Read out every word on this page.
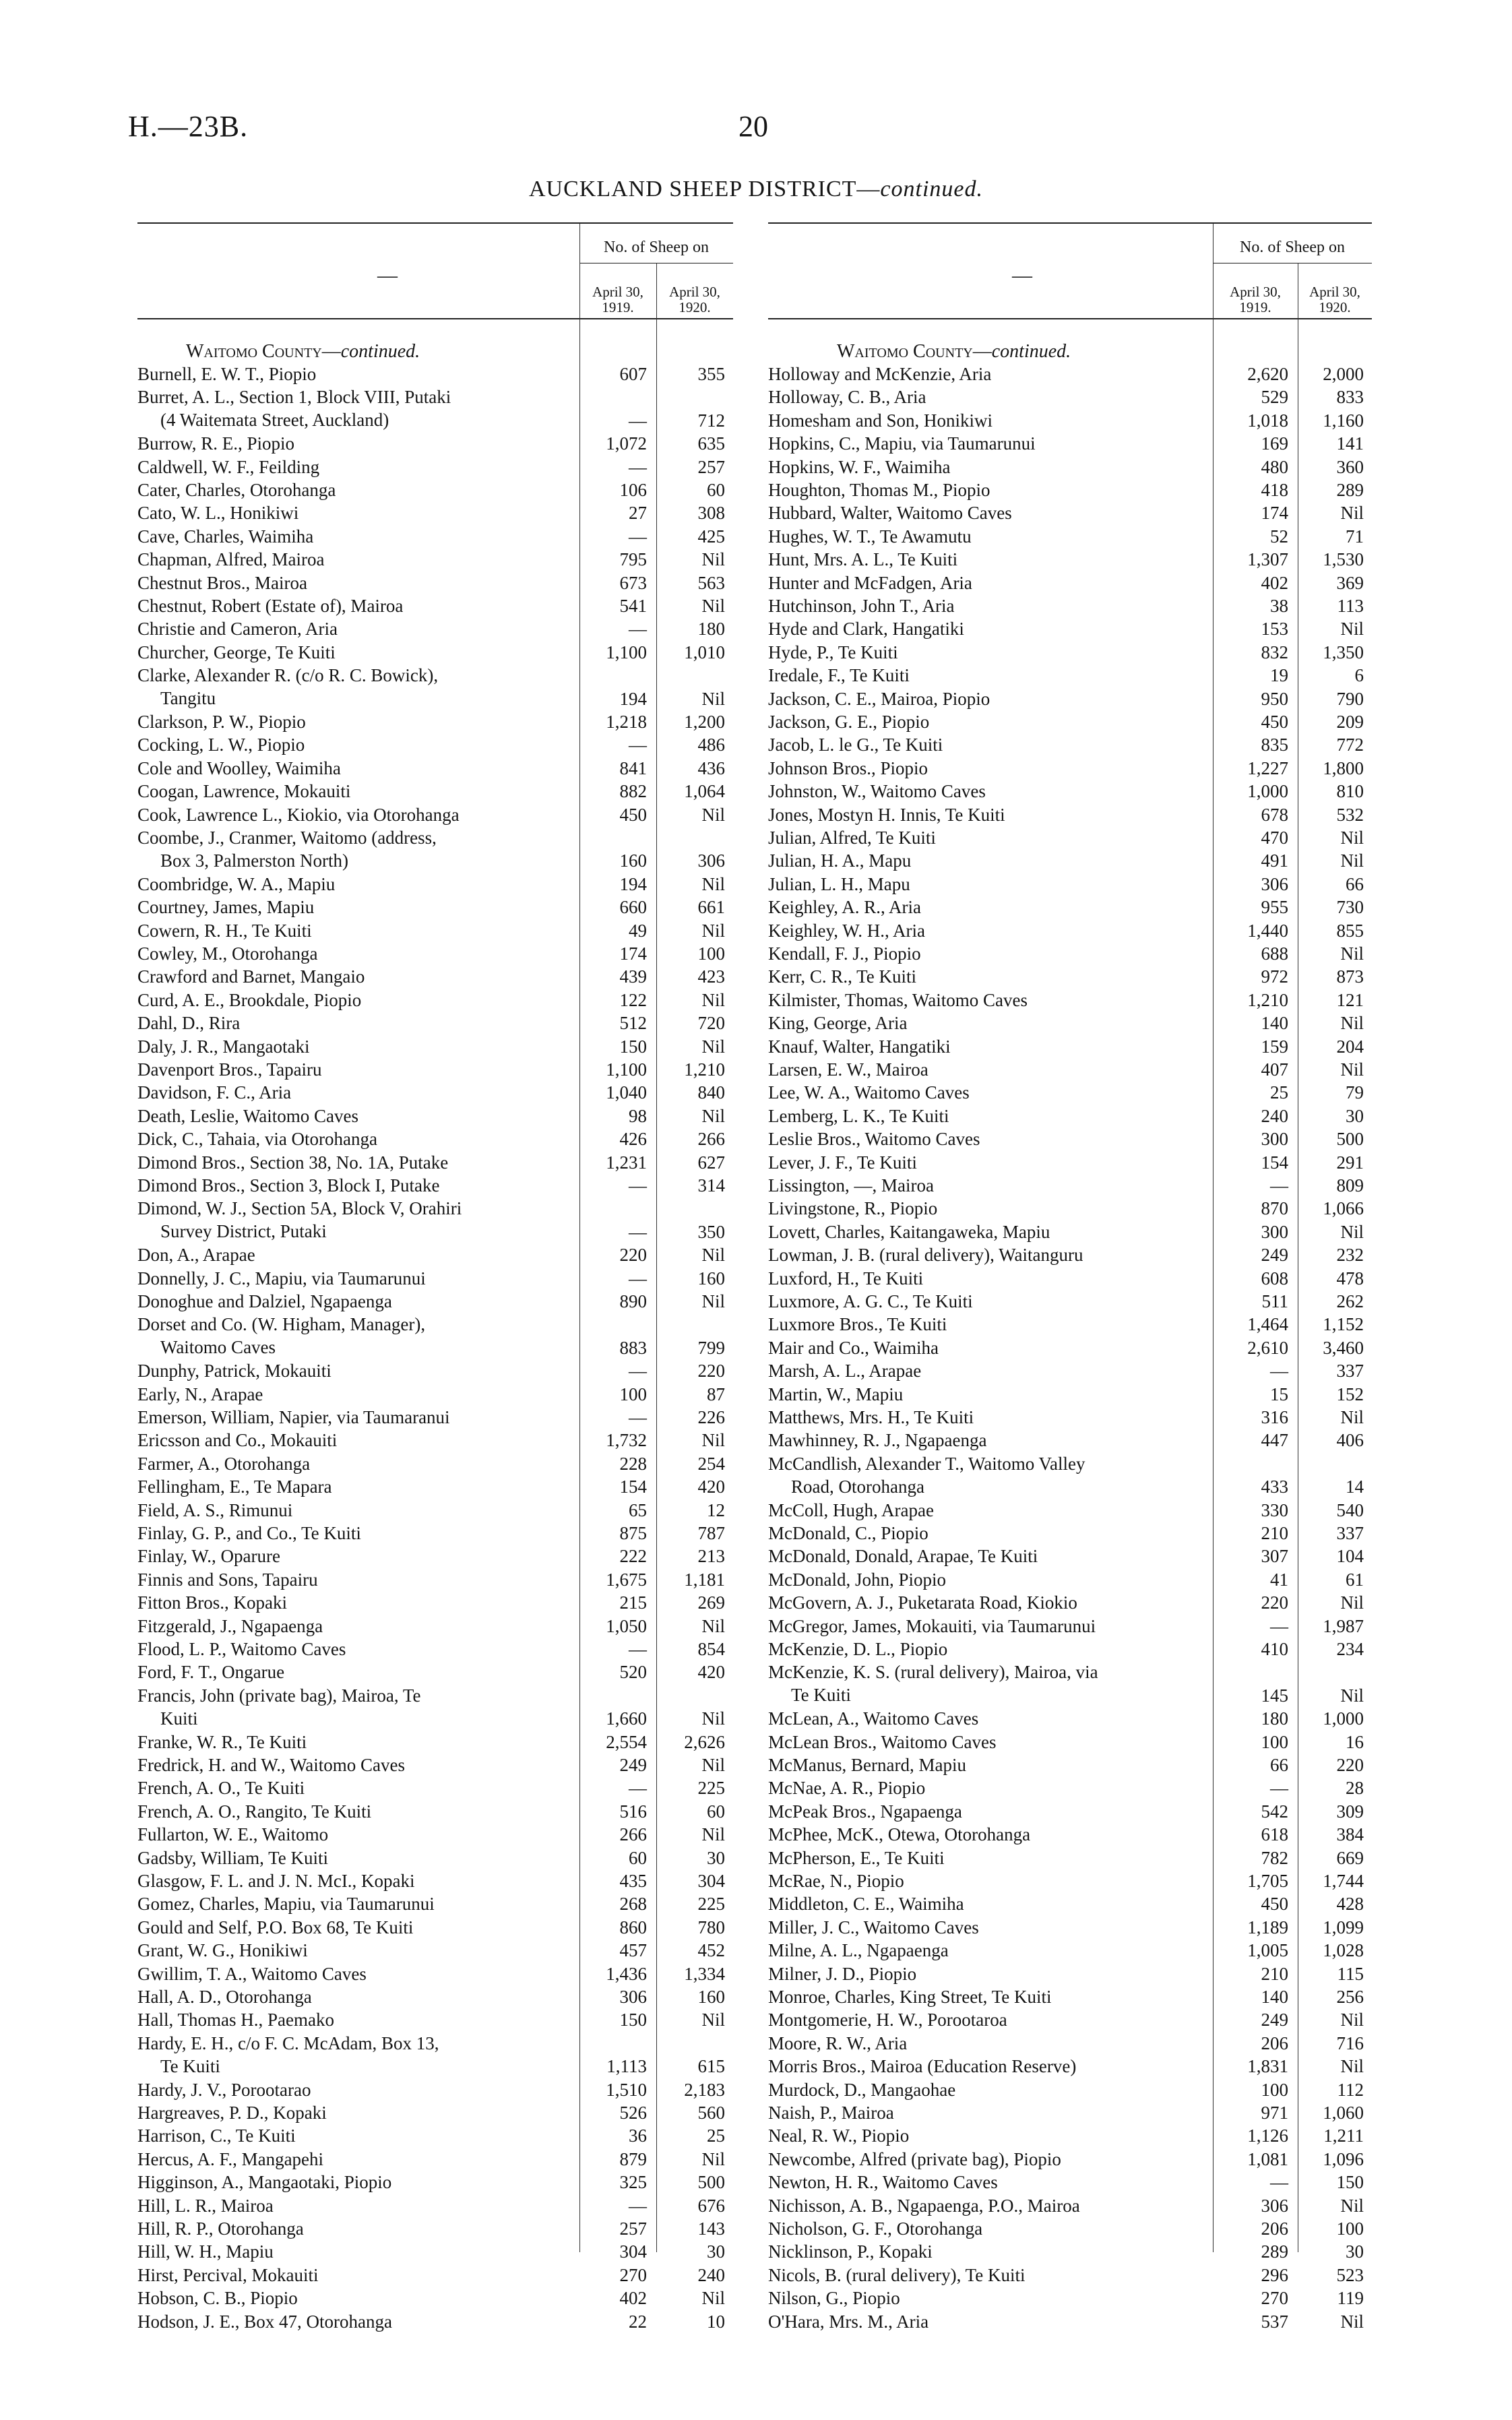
H.—23B.	20
AUCKLAND SHEEP DISTRICT—continued.
—
No. of Sheep on
April 30, 1919.
April 30, 1920.
Waitomo County—continued.
Burnell, E. W. T., Piopio	607	355
Burret, A. L., Section 1, Block VIII, Putaki
(4 Waitemata Street, Auckland)	—	712
Burrow, R. E., Piopio	1,072	635
Caldwell, W. F., Feilding	—	257
Cater, Charles, Otorohanga	106	60
Cato, W. L., Honikiwi	27	308
Cave, Charles, Waimiha	—	425
Chapman, Alfred, Mairoa	795	Nil
Chestnut Bros., Mairoa	673	563
Chestnut, Robert (Estate of), Mairoa	541	Nil
Christie and Cameron, Aria	—	180
Churcher, George, Te Kuiti	1,100	1,010
Clarke, Alexander R. (c/o R. C. Bowick),
Tangitu	194	Nil
Clarkson, P. W., Piopio	1,218	1,200
Cocking, L. W., Piopio	—	486
Cole and Woolley, Waimiha	841	436
Coogan, Lawrence, Mokauiti	882	1,064
Cook, Lawrence L., Kiokio, via Otorohanga	450	Nil
Coombe, J., Cranmer, Waitomo (address,
Box 3, Palmerston North)	160	306
Coombridge, W. A., Mapiu	194	Nil
Courtney, James, Mapiu	660	661
Cowern, R. H., Te Kuiti	49	Nil
Cowley, M., Otorohanga	174	100
Crawford and Barnet, Mangaio	439	423
Curd, A. E., Brookdale, Piopio	122	Nil
Dahl, D., Rira	512	720
Daly, J. R., Mangaotaki	150	Nil
Davenport Bros., Tapairu	1,100	1,210
Davidson, F. C., Aria	1,040	840
Death, Leslie, Waitomo Caves	98	Nil
Dick, C., Tahaia, via Otorohanga	426	266
Dimond Bros., Section 38, No. 1A, Putake	1,231	627
Dimond Bros., Section 3, Block I, Putake	—	314
Dimond, W. J., Section 5A, Block V, Orahiri
Survey District, Putaki	—	350
Don, A., Arapae	220	Nil
Donnelly, J. C., Mapiu, via Taumarunui	—	160
Donoghue and Dalziel, Ngapaenga	890	Nil
Dorset and Co. (W. Higham, Manager),
Waitomo Caves	883	799
Dunphy, Patrick, Mokauiti	—	220
Early, N., Arapae	100	87
Emerson, William, Napier, via Taumaranui	—	226
Ericsson and Co., Mokauiti	1,732	Nil
Farmer, A., Otorohanga	228	254
Fellingham, E., Te Mapara	154	420
Field, A. S., Rimunui	65	12
Finlay, G. P., and Co., Te Kuiti	875	787
Finlay, W., Oparure	222	213
Finnis and Sons, Tapairu	1,675	1,181
Fitton Bros., Kopaki	215	269
Fitzgerald, J., Ngapaenga	1,050	Nil
Flood, L. P., Waitomo Caves	—	854
Ford, F. T., Ongarue	520	420
Francis, John (private bag), Mairoa, Te
Kuiti	1,660	Nil
Franke, W. R., Te Kuiti	2,554	2,626
Fredrick, H. and W., Waitomo Caves	249	Nil
French, A. O., Te Kuiti	—	225
French, A. O., Rangito, Te Kuiti	516	60
Fullarton, W. E., Waitomo	266	Nil
Gadsby, William, Te Kuiti	60	30
Glasgow, F. L. and J. N. McI., Kopaki	435	304
Gomez, Charles, Mapiu, via Taumarunui	268	225
Gould and Self, P.O. Box 68, Te Kuiti	860	780
Grant, W. G., Honikiwi	457	452
Gwillim, T. A., Waitomo Caves	1,436	1,334
Hall, A. D., Otorohanga	306	160
Hall, Thomas H., Paemako	150	Nil
Hardy, E. H., c/o F. C. McAdam, Box 13,
Te Kuiti	1,113	615
Hardy, J. V., Porootarao	1,510	2,183
Hargreaves, P. D., Kopaki	526	560
Harrison, C., Te Kuiti	36	25
Hercus, A. F., Mangapehi	879	Nil
Higginson, A., Mangaotaki, Piopio	325	500
Hill, L. R., Mairoa	—	676
Hill, R. P., Otorohanga	257	143
Hill, W. H., Mapiu	304	30
Hirst, Percival, Mokauiti	270	240
Hobson, C. B., Piopio	402	Nil
Hodson, J. E., Box 47, Otorohanga	22	10
—
No. of Sheep on
April 30, 1919.
April 30, 1920.
Waitomo County—continued.
Holloway and McKenzie, Aria	2,620	2,000
Holloway, C. B., Aria	529	833
Homesham and Son, Honikiwi	1,018	1,160
Hopkins, C., Mapiu, via Taumarunui	169	141
Hopkins, W. F., Waimiha	480	360
Houghton, Thomas M., Piopio	418	289
Hubbard, Walter, Waitomo Caves	174	Nil
Hughes, W. T., Te Awamutu	52	71
Hunt, Mrs. A. L., Te Kuiti	1,307	1,530
Hunter and McFadgen, Aria	402	369
Hutchinson, John T., Aria	38	113
Hyde and Clark, Hangatiki	153	Nil
Hyde, P., Te Kuiti	832	1,350
Iredale, F., Te Kuiti	19	6
Jackson, C. E., Mairoa, Piopio	950	790
Jackson, G. E., Piopio	450	209
Jacob, L. le G., Te Kuiti	835	772
Johnson Bros., Piopio	1,227	1,800
Johnston, W., Waitomo Caves	1,000	810
Jones, Mostyn H. Innis, Te Kuiti	678	532
Julian, Alfred, Te Kuiti	470	Nil
Julian, H. A., Mapu	491	Nil
Julian, L. H., Mapu	306	66
Keighley, A. R., Aria	955	730
Keighley, W. H., Aria	1,440	855
Kendall, F. J., Piopio	688	Nil
Kerr, C. R., Te Kuiti	972	873
Kilmister, Thomas, Waitomo Caves	1,210	121
King, George, Aria	140	Nil
Knauf, Walter, Hangatiki	159	204
Larsen, E. W., Mairoa	407	Nil
Lee, W. A., Waitomo Caves	25	79
Lemberg, L. K., Te Kuiti	240	30
Leslie Bros., Waitomo Caves	300	500
Lever, J. F., Te Kuiti	154	291
Lissington, —, Mairoa	—	809
Livingstone, R., Piopio	870	1,066
Lovett, Charles, Kaitangaweka, Mapiu	300	Nil
Lowman, J. B. (rural delivery), Waitanguru	249	232
Luxford, H., Te Kuiti	608	478
Luxmore, A. G. C., Te Kuiti	511	262
Luxmore Bros., Te Kuiti	1,464	1,152
Mair and Co., Waimiha	2,610	3,460
Marsh, A. L., Arapae	—	337
Martin, W., Mapiu	15	152
Matthews, Mrs. H., Te Kuiti	316	Nil
Mawhinney, R. J., Ngapaenga	447	406
McCandlish, Alexander T., Waitomo Valley
Road, Otorohanga	433	14
McColl, Hugh, Arapae	330	540
McDonald, C., Piopio	210	337
McDonald, Donald, Arapae, Te Kuiti	307	104
McDonald, John, Piopio	41	61
McGovern, A. J., Puketarata Road, Kiokio	220	Nil
McGregor, James, Mokauiti, via Taumarunui	—	1,987
McKenzie, D. L., Piopio	410	234
McKenzie, K. S. (rural delivery), Mairoa, via
Te Kuiti	145	Nil
McLean, A., Waitomo Caves	180	1,000
McLean Bros., Waitomo Caves	100	16
McManus, Bernard, Mapiu	66	220
McNae, A. R., Piopio	—	28
McPeak Bros., Ngapaenga	542	309
McPhee, McK., Otewa, Otorohanga	618	384
McPherson, E., Te Kuiti	782	669
McRae, N., Piopio	1,705	1,744
Middleton, C. E., Waimiha	450	428
Miller, J. C., Waitomo Caves	1,189	1,099
Milne, A. L., Ngapaenga	1,005	1,028
Milner, J. D., Piopio	210	115
Monroe, Charles, King Street, Te Kuiti	140	256
Montgomerie, H. W., Porootaroa	249	Nil
Moore, R. W., Aria	206	716
Morris Bros., Mairoa (Education Reserve)	1,831	Nil
Murdock, D., Mangaohae	100	112
Naish, P., Mairoa	971	1,060
Neal, R. W., Piopio	1,126	1,211
Newcombe, Alfred (private bag), Piopio	1,081	1,096
Newton, H. R., Waitomo Caves	—	150
Nichisson, A. B., Ngapaenga, P.O., Mairoa	306	Nil
Nicholson, G. F., Otorohanga	206	100
Nicklinson, P., Kopaki	289	30
Nicols, B. (rural delivery), Te Kuiti	296	523
Nilson, G., Piopio	270	119
O'Hara, Mrs. M., Aria	537	Nil
